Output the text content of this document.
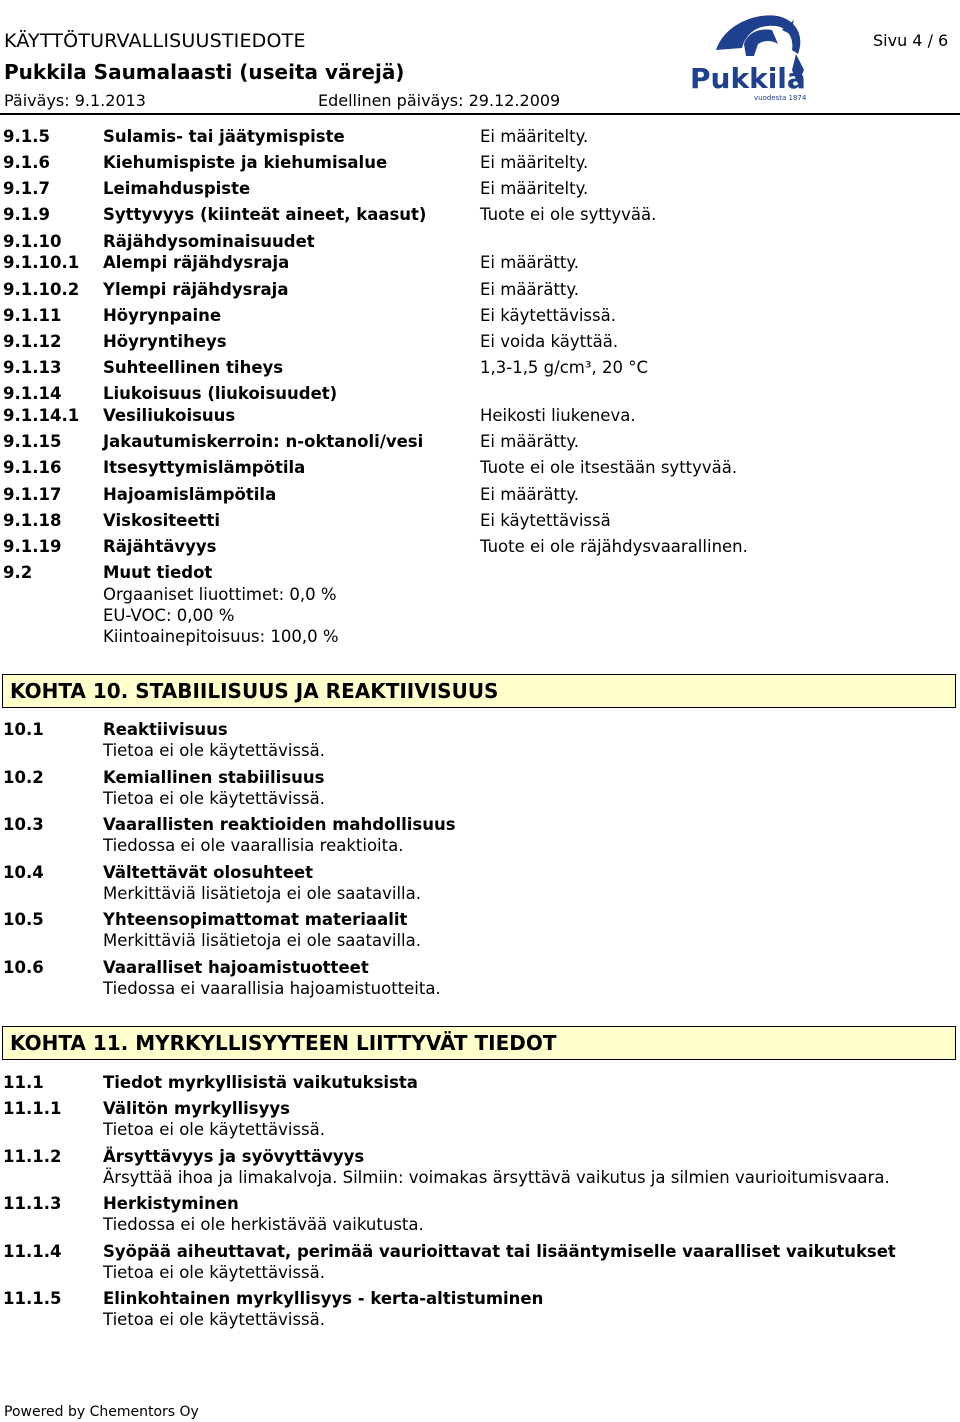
KÄYTTÖTURVALLISUUSTIEDOTE
Pukkila Saumalaasti (useita värejä)
Päiväys: 9.1.2013	Edellinen päiväys: 29.12.2009
Sivu 4 / 6
Pukkila
vuodesta 1874
9.1.5	Sulamis- tai jäätymispiste	Ei määritelty.
9.1.6	Kiehumispiste ja kiehumisalue	Ei määritelty.
9.1.7	Leimahduspiste	Ei määritelty.
9.1.9	Syttyvyys (kiinteät aineet, kaasut)	Tuote ei ole syttyvää.
9.1.10	Räjähdysominaisuudet
9.1.10.1 Alempi räjähdysraja	Ei määrätty.
9.1.10.2 Ylempi räjähdysraja	Ei määrätty.
9.1.11	Höyrynpaine	Ei käytettävissä.
9.1.12	Höyryntiheys	Ei voida käyttää.
9.1.13	Suhteellinen tiheys	1,3-1,5 g/cm³, 20 °C
9.1.14	Liukoisuus (liukoisuudet)
9.1.14.1 Vesiliukoisuus	Heikosti liukeneva.
9.1.15	Jakautumiskerroin: n-oktanoli/vesi	Ei määrätty.
9.1.16	Itsesyttymislämpötila	Tuote ei ole itsestään syttyvää.
9.1.17	Hajoamislämpötila	Ei määrätty.
9.1.18	Viskositeetti	Ei käytettävissä
9.1.19	Räjähtävyys	Tuote ei ole räjähdysvaarallinen.
9.2	Muut tiedot
Orgaaniset liuottimet: 0,0 %
EU-VOC: 0,00 %
Kiintoainepitoisuus: 100,0 %
KOHTA 10. STABIILISUUS JA REAKTIIVISUUS
10.1	Reaktiivisuus
Tietoa ei ole käytettävissä.
10.2	Kemiallinen stabiilisuus
Tietoa ei ole käytettävissä.
10.3	Vaarallisten reaktioiden mahdollisuus
Tiedossa ei ole vaarallisia reaktioita.
10.4	Vältettävät olosuhteet
Merkittäviä lisätietoja ei ole saatavilla.
10.5	Yhteensopimattomat materiaalit
Merkittäviä lisätietoja ei ole saatavilla.
10.6	Vaaralliset hajoamistuotteet
Tiedossa ei vaarallisia hajoamistuotteita.
KOHTA 11. MYRKYLLISYYTEEN LIITTYVÄT TIEDOT
11.1	Tiedot myrkyllisistä vaikutuksista
11.1.1	Välitön myrkyllisyys
Tietoa ei ole käytettävissä.
11.1.2	Ärsyttävyys ja syövyttävyys
Ärsyttää ihoa ja limakalvoja. Silmiin: voimakas ärsyttävä vaikutus ja silmien vaurioitumisvaara.
11.1.3	Herkistyminen
Tiedossa ei ole herkistävää vaikutusta.
11.1.4	Syöpää aiheuttavat, perimää vaurioittavat tai lisääntymiselle vaaralliset vaikutukset
Tietoa ei ole käytettävissä.
11.1.5	Elinkohtainen myrkyllisyys - kerta-altistuminen
Tietoa ei ole käytettävissä.
Powered by Chementors Oy
